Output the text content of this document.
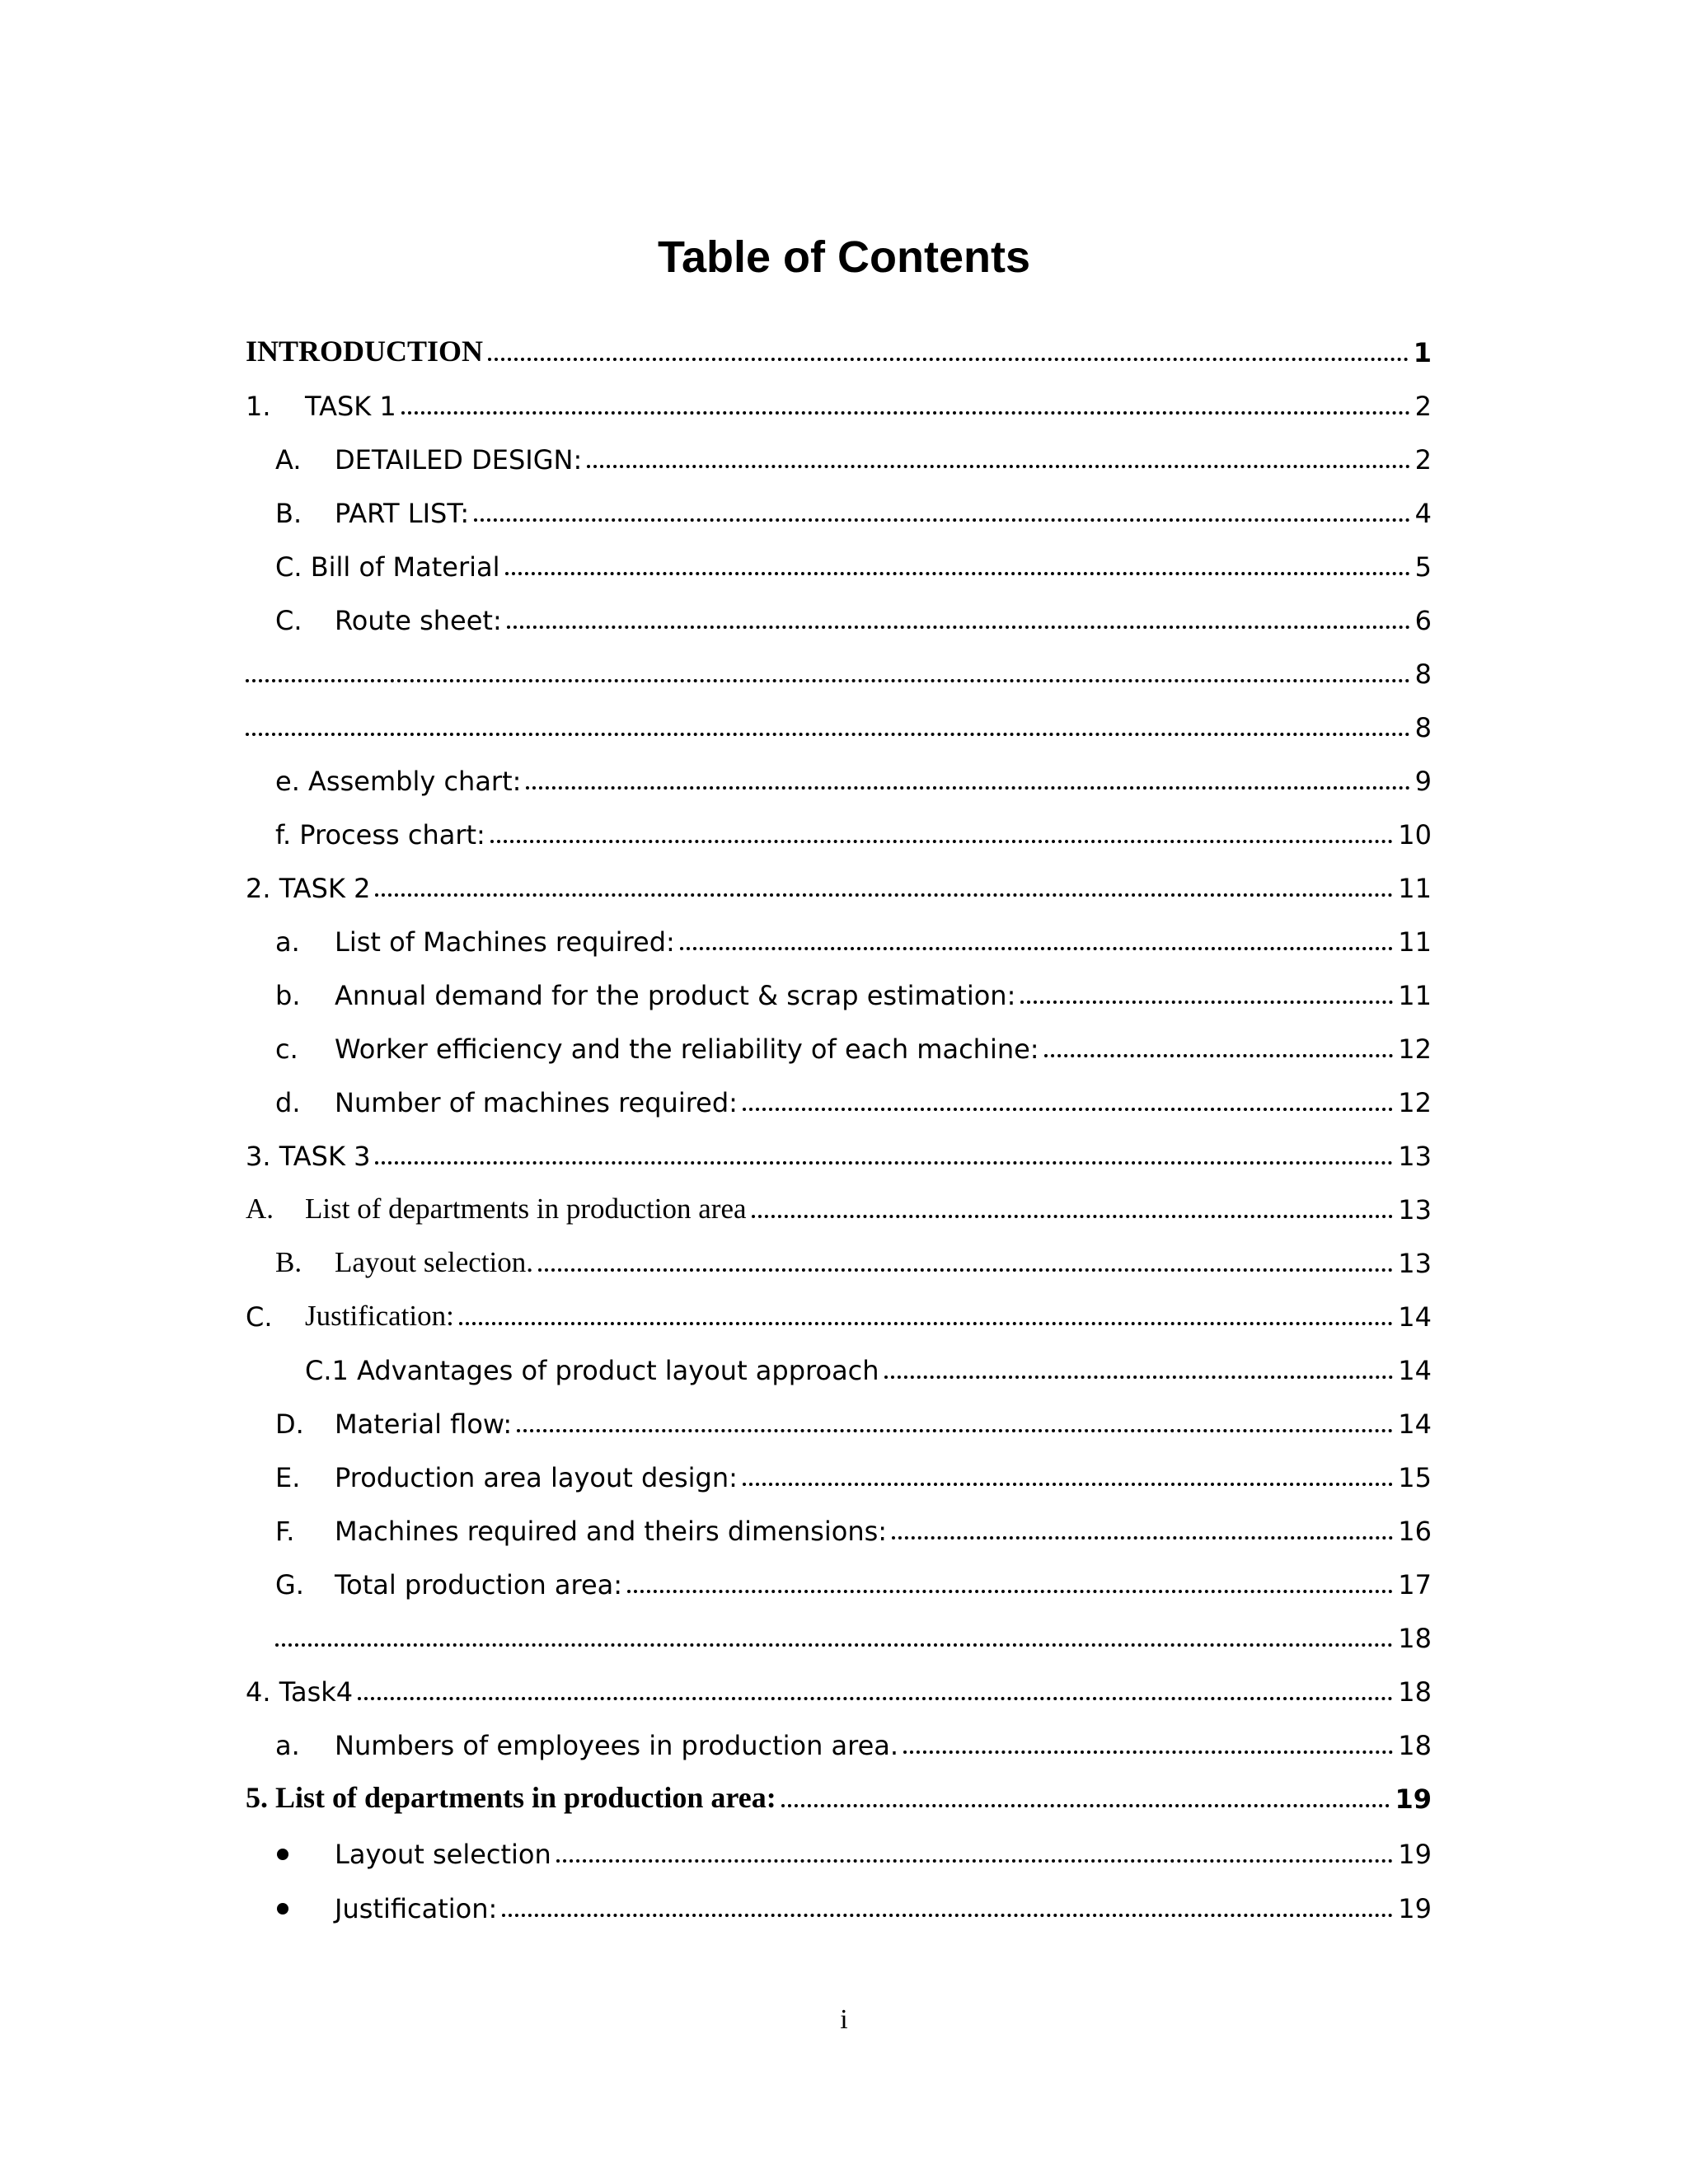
Table of Contents
INTRODUCTION	1
1.	TASK 1	2
A.	DETAILED DESIGN:	2
B.	PART LIST:	4
C. Bill of Material	5
C.	Route sheet:	6
8
8
e. Assembly chart:	9
f. Process chart:	10
2. TASK 2	11
a.	List of Machines required:	11
b.	Annual demand for the product & scrap estimation:	11
c.	Worker efficiency and the reliability of each machine:	12
d.	Number of machines required:	12
3. TASK 3	13
A.	List of departments in production area	13
B.	Layout selection.	13
C.	Justification:	14
C.1 Advantages of product layout approach	14
D.	Material flow:	14
E.	Production area layout design:	15
F.	Machines required and theirs dimensions:	16
G.	Total production area:	17
18
4. Task4	18
a.	Numbers of employees in production area.	18
5. List of departments in production area:	19
Layout selection	19
Justification:	19
i
